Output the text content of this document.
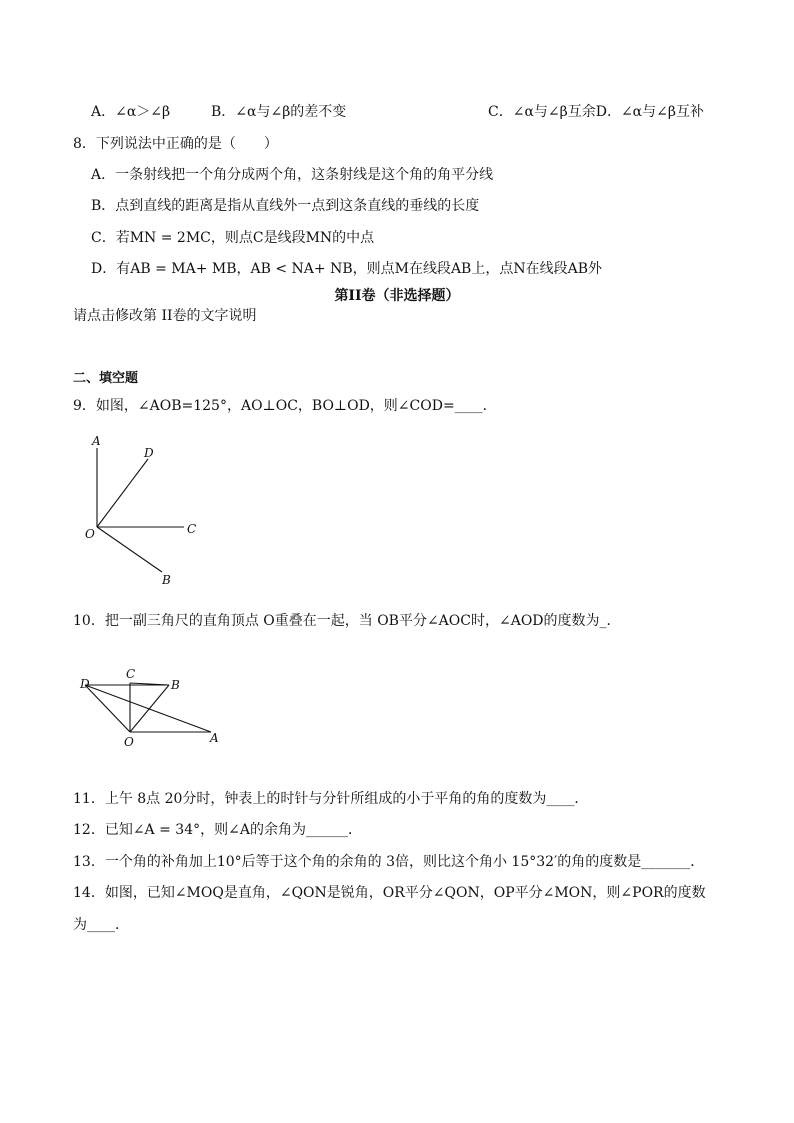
A．∠α＞∠β	B．∠α与∠β的差不变	C．∠α与∠β互余D．∠α与∠β互补
8．下列说法中正确的是（　　）
A．一条射线把一个角分成两个角，这条射线是这个角的角平分线
B．点到直线的距离是指从直线外一点到这条直线的垂线的长度
C．若MN = 2MC，则点C是线段MN的中点
D．有AB = MA+ MB，AB < NA+ NB，则点M在线段AB上，点N在线段AB外
第II卷（非选择题）
请点击修改第 II卷的文字说明
二、填空题
9．如图，∠AOB=125°，AO⊥OC，BO⊥OD，则∠COD=____．
A
D
O	C
B
10．把一副三角尺的直角顶点 O重叠在一起，当 OB平分∠AOC时，∠AOD的度数为_．
D
C
B
O	A
11．上午 8点 20分时，钟表上的时针与分针所组成的小于平角的角的度数为____．
12．已知∠A = 34°，则∠A的余角为______．
13．一个角的补角加上10°后等于这个角的余角的 3倍，则比这个角小 15°32′的角的度数是_______．
14．如图，已知∠MOQ是直角，∠QON是锐角，OR平分∠QON，OP平分∠MON，则∠POR的度数
为____．
